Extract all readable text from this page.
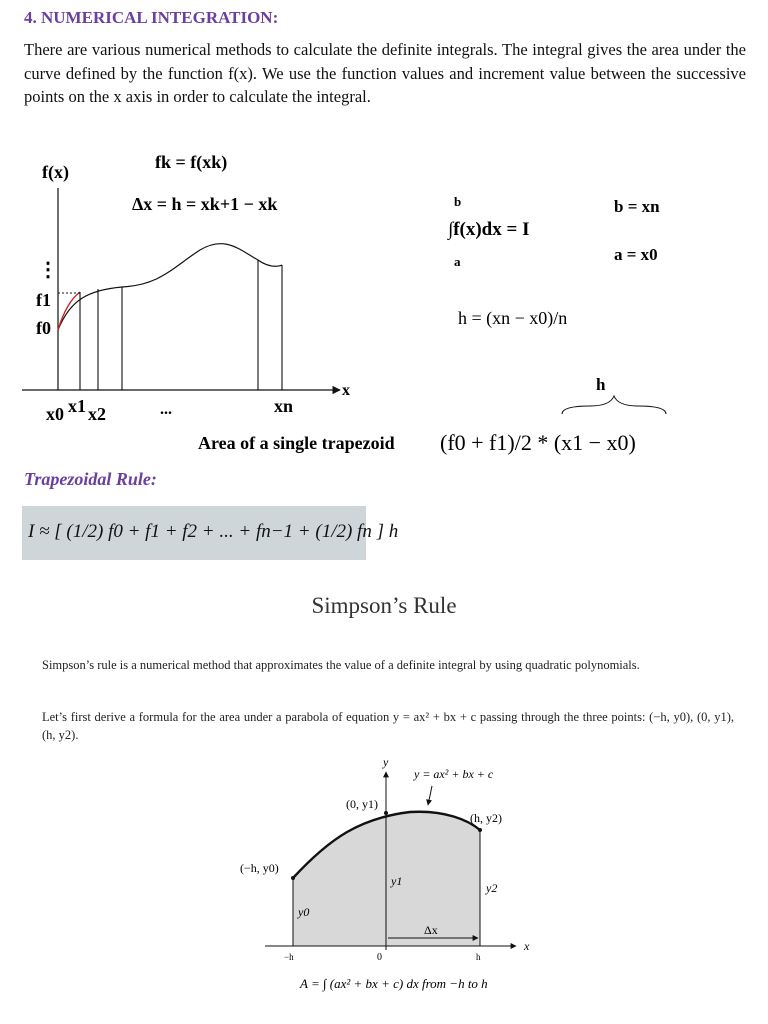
4. NUMERICAL INTEGRATION:
There are various numerical methods to calculate the definite integrals. The integral gives the area under the curve defined by the function f(x). We use the function values and increment value between the successive points on the x axis in order to calculate the integral.
f(x)	fk = f(xk)
Δx = h = xk+1 − xk
⋮
f1
f0
x
x0 x1 x2	...	xn
b
∫f(x)dx = I
a
b = xn
a = x0
h = (xn − x0)/n
h
Area of a single trapezoid (f0 + f1)/2 * (x1 − x0)
Trapezoidal Rule:
I ≈ [ (1/2) f0 + f1 + f2 + ... + fn−1 + (1/2) fn ] h
Simpson’s Rule
Simpson’s rule is a numerical method that approximates the value of a definite integral by using quadratic polynomials.
Let’s first derive a formula for the area under a parabola of equation y = ax² + bx + c passing through the three points: (−h, y0), (0, y1), (h, y2).
y
x
y = ax² + bx + c
(−h, y0)
(0, y1)
(h, y2)
y0
y1	y2
Δx
−h	0	h
A = ∫ (ax² + bx + c) dx from −h to h
